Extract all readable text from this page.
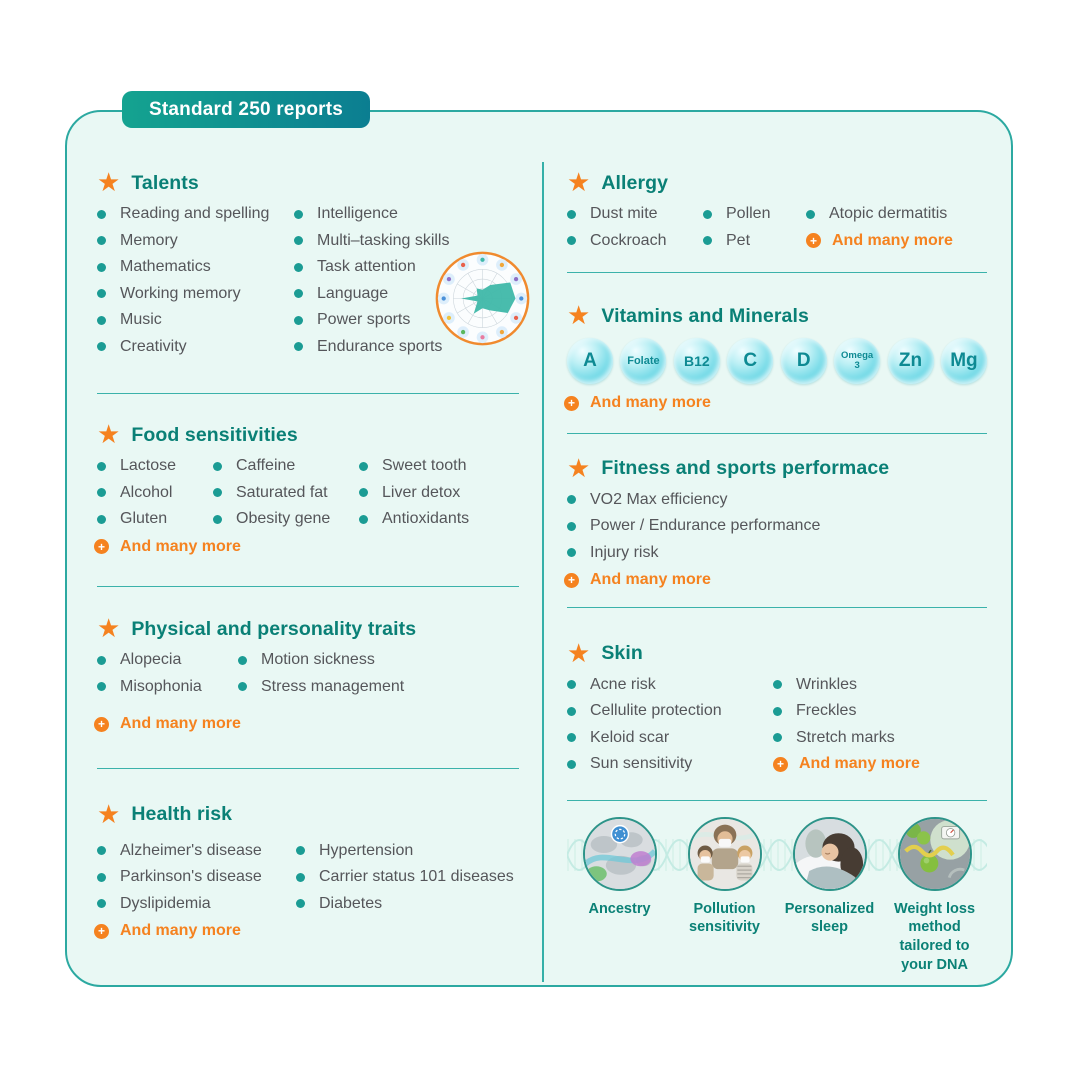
Standard 250 reports
★ Talents
Reading and spelling	Intelligence
Memory	Multi–tasking skills
Mathematics	Task attention
Working memory	Language
Music	Power sports
Creativity	Endurance sports
★ Food sensitivities
Lactose	Caffeine	Sweet tooth
Alcohol	Saturated fat	Liver detox
Gluten	Obesity gene	Antioxidants
+ And many more
★ Physical and personality traits
Alopecia	Motion sickness
Misophonia	Stress management
+ And many more
★ Health risk
Alzheimer's disease	Hypertension
Parkinson's disease	Carrier status 101 diseases
Dyslipidemia	Diabetes
+ And many more
★ Allergy
Dust mite	Pollen	Atopic dermatitis
Cockroach	Pet	+ And many more
★ Vitamins and Minerals
A	Folate	B12	C	D	Omega 3	Zn	Mg
+ And many more
★ Fitness and sports performace
VO2 Max efficiency
Power / Endurance performance
Injury risk
+ And many more
★ Skin
Acne risk	Wrinkles
Cellulite protection	Freckles
Keloid scar	Stretch marks
Sun sensitivity	+ And many more
Ancestry	Pollution sensitivity
Personalized sleep
Weight loss method tailored to your DNA
